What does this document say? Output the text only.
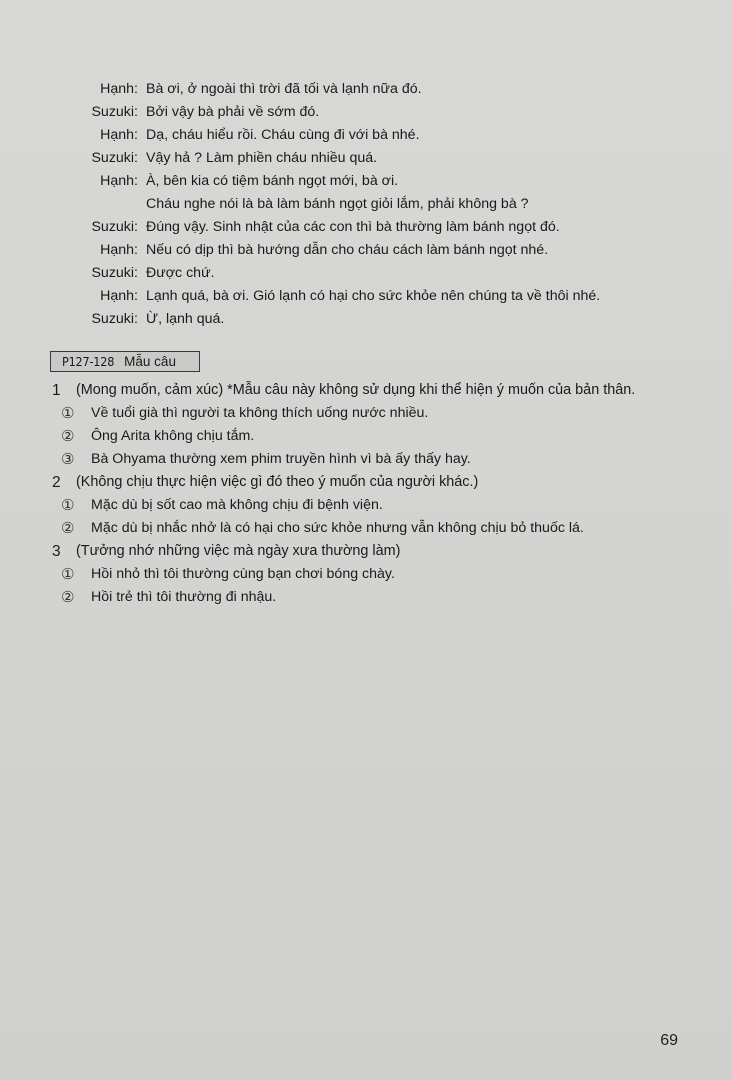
Hạnh: Bà ơi, ở ngoài thì trời đã tối và lạnh nữa đó.
Suzuki: Bởi vậy bà phải về sớm đó.
Hạnh: Dạ, cháu hiểu rồi. Cháu cùng đi với bà nhé.
Suzuki: Vậy hả ? Làm phiền cháu nhiều quá.
Hạnh: À, bên kia có tiệm bánh ngọt mới, bà ơi.
Cháu nghe nói là bà làm bánh ngọt giỏi lắm, phải không bà ?
Suzuki: Đúng vậy. Sinh nhật của các con thì bà thường làm bánh ngọt đó.
Hạnh: Nếu có dịp thì bà hướng dẫn cho cháu cách làm bánh ngọt nhé.
Suzuki: Được chứ.
Hạnh: Lạnh quá, bà ơi. Gió lạnh có hại cho sức khỏe nên chúng ta về thôi nhé.
Suzuki: Ừ, lạnh quá.
P127-128 Mẫu câu
1	(Mong muốn, cảm xúc) *Mẫu câu này không sử dụng khi thể hiện ý muốn của bản thân.
①	Về tuổi già thì người ta không thích uống nước nhiều.
②	Ông Arita không chịu tắm.
③	Bà Ohyama thường xem phim truyền hình vì bà ấy thấy hay.
2	(Không chịu thực hiện việc gì đó theo ý muốn của người khác.)
①	Mặc dù bị sốt cao mà không chịu đi bệnh viện.
②	Mặc dù bị nhắc nhở là có hại cho sức khỏe nhưng vẫn không chịu bỏ thuốc lá.
3	(Tưởng nhớ những việc mà ngày xưa thường làm)
①	Hồi nhỏ thì tôi thường cùng bạn chơi bóng chày.
②	Hồi trẻ thì tôi thường đi nhậu.
69
